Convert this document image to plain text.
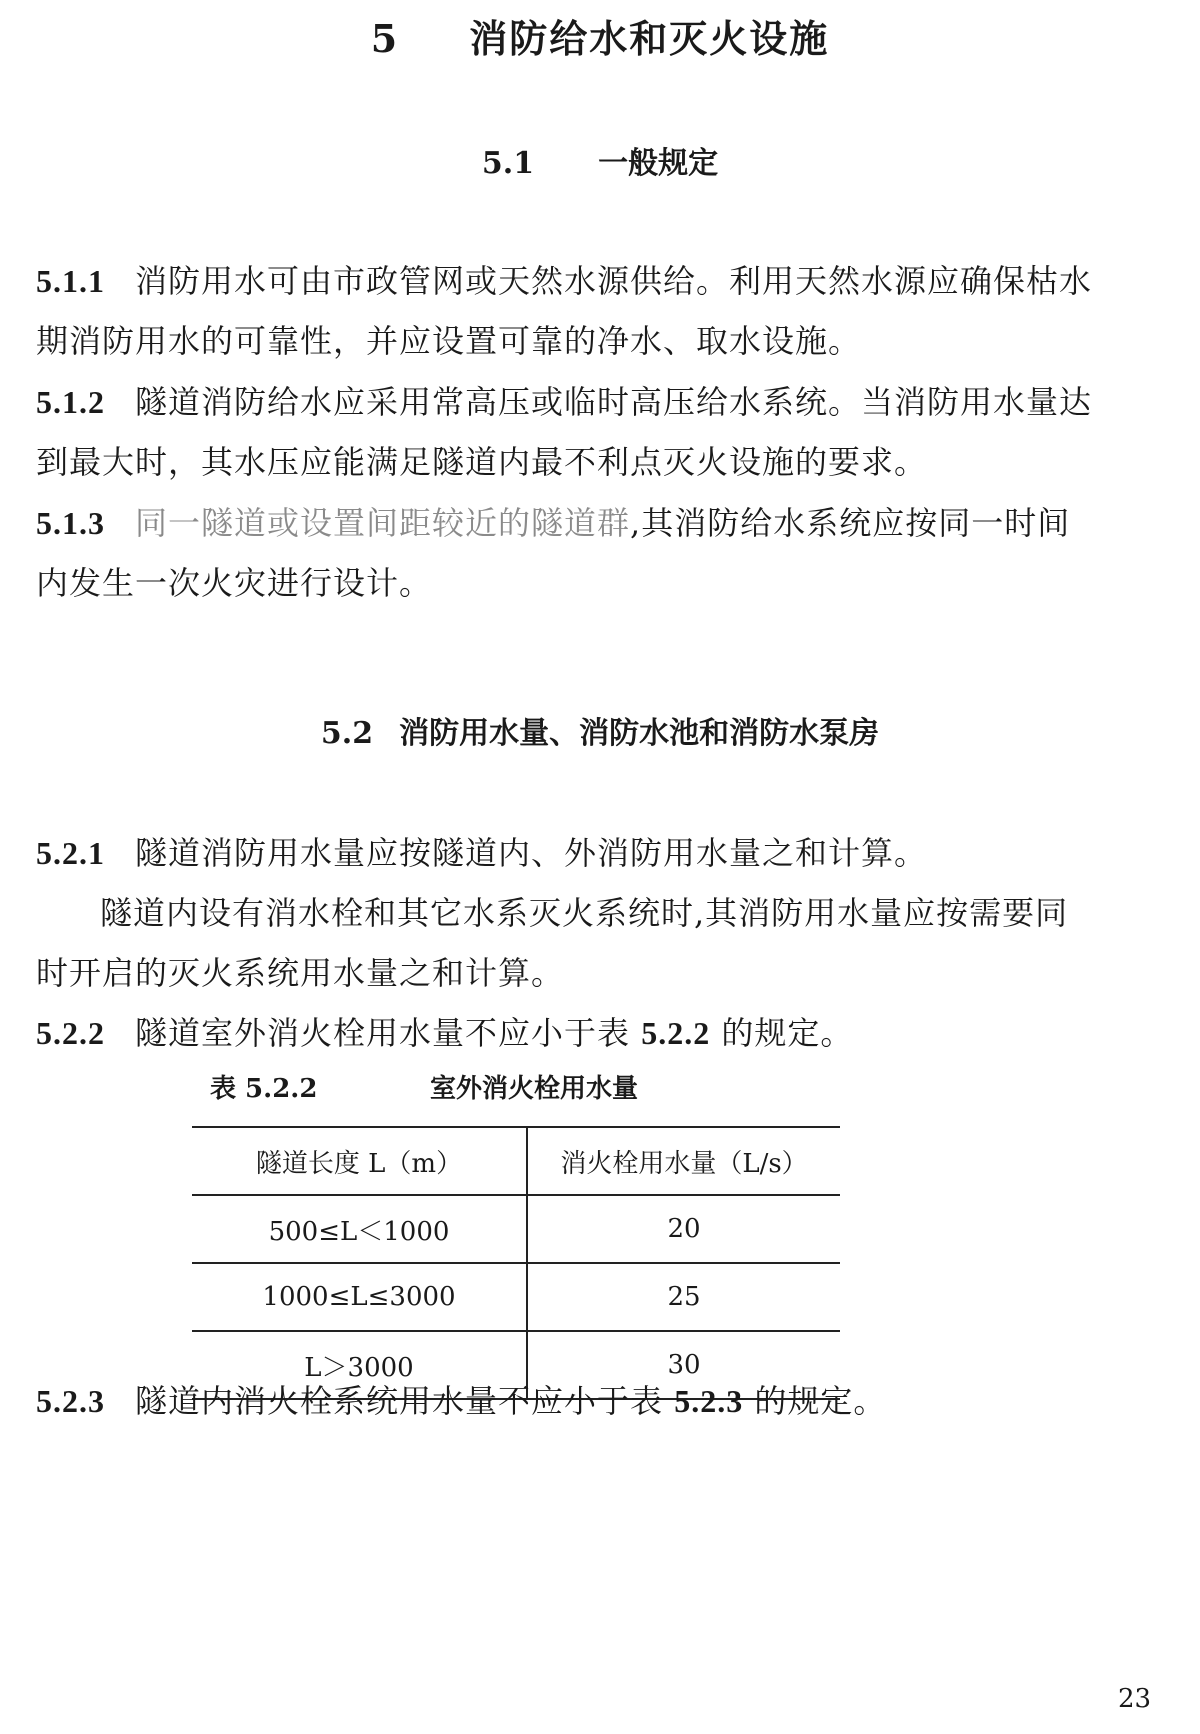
5 消防给水和灭火设施
5.1 一般规定
5.1.1 消防用水可由市政管网或天然水源供给。利用天然水源应确保枯水
期消防用水的可靠性，并应设置可靠的净水、取水设施。
5.1.2 隧道消防给水应采用常高压或临时高压给水系统。当消防用水量达
到最大时，其水压应能满足隧道内最不利点灭火设施的要求。
5.1.3 同一隧道或设置间距较近的隧道群,其消防给水系统应按同一时间
内发生一次火灾进行设计。
5.2 消防用水量、消防水池和消防水泵房
5.2.1 隧道消防用水量应按隧道内、外消防用水量之和计算。
隧道内设有消水栓和其它水系灭火系统时,其消防用水量应按需要同
时开启的灭火系统用水量之和计算。
5.2.2 隧道室外消火栓用水量不应小于表 5.2.2 的规定。
表 5.2.2	室外消火栓用水量
隧道长度 L（m）	消火栓用水量（L/s）
500≤L＜1000	20
1000≤L≤3000	25
L＞3000	30
5.2.3 隧道内消火栓系统用水量不应小于表 5.2.3 的规定。
23
